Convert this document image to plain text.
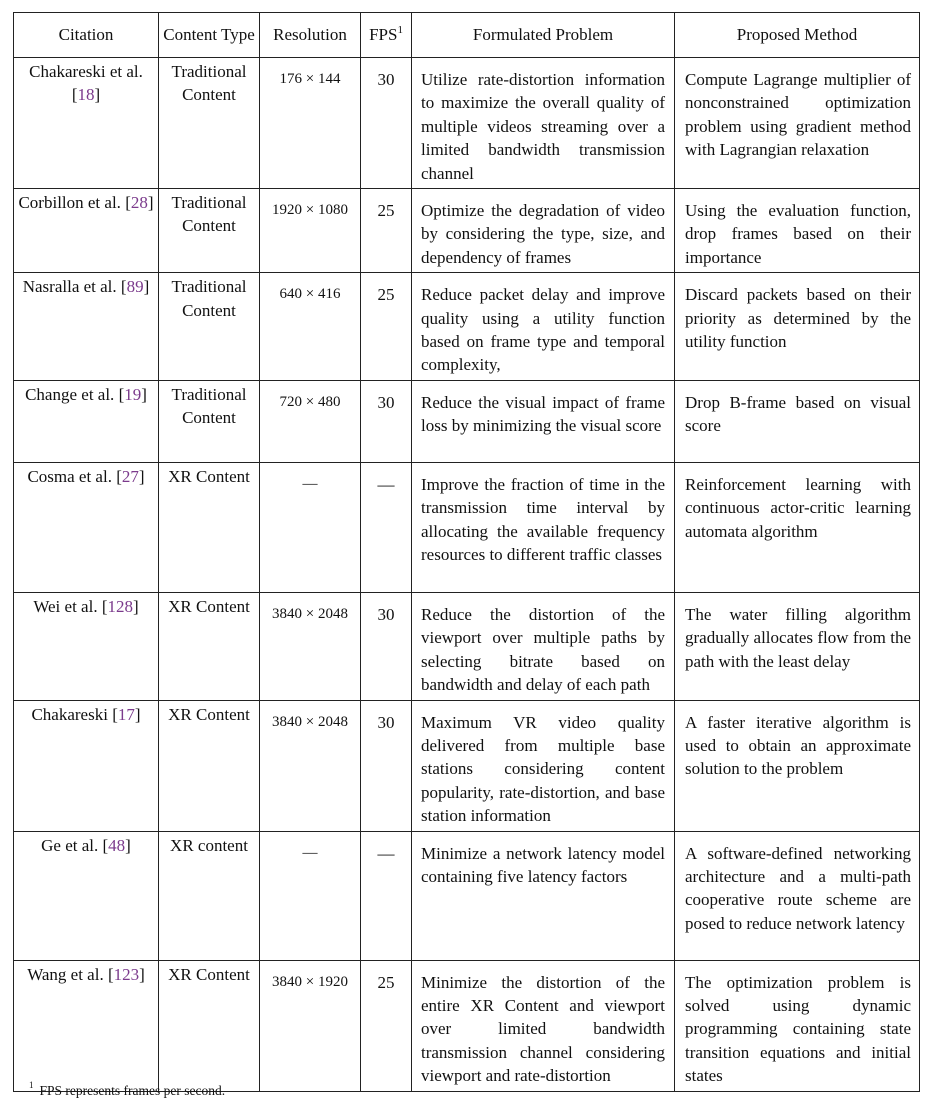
Citation	Content Type	Resolution	FPS$^1$	Formulated Problem	Proposed Method

Chakareski et al. [18]	Traditional Content	176 × 144	30	Utilize rate-distortion information to maximize the overall quality of multiple videos streaming over a limited bandwidth transmission channel	Compute Lagrange multiplier of nonconstrained optimization problem using gradient method with Lagrangian relaxation
Corbillon et al. [28]	Traditional Content	1920 × 1080	25	Optimize the degradation of video by considering the type, size, and dependency of frames	Using the evaluation function, drop frames based on their importance
Nasralla et al. [89]	Traditional Content	640 × 416	25	Reduce packet delay and improve quality using a utility function based on frame type and temporal complexity,	Discard packets based on their priority as determined by the utility function
Change et al. [19]	Traditional Content	720 × 480	30	Reduce the visual impact of frame loss by minimizing the visual score	Drop B-frame based on visual score
Cosma et al. [27]	XR Content	—	—	Improve the fraction of time in the transmission time interval by allocating the available frequency resources to different traffic classes	Reinforcement learning with continuous actor-critic learning automata algorithm
Wei et al. [128]	XR Content	3840 × 2048	30	Reduce the distortion of the viewport over multiple paths by selecting bitrate based on bandwidth and delay of each path	The water filling algorithm gradually allocates flow from the path with the least delay
Chakareski [17]	XR Content	3840 × 2048	30	Maximum VR video quality delivered from multiple base stations considering content popularity, rate-distortion, and base station information	A faster iterative algorithm is used to obtain an approximate solution to the problem
Ge et al. [48]	XR content	—	—	Minimize a network latency model containing five latency factors	A software-defined networking architecture and a multi-path cooperative route scheme are posed to reduce network latency
Wang et al. [123]	XR Content	3840 × 1920	25	Minimize the distortion of the entire XR Content and viewport over limited bandwidth transmission channel considering viewport and rate-distortion	The optimization problem is solved using dynamic programming containing state transition equations and initial states
$^1$ FPS represents frames per second.
